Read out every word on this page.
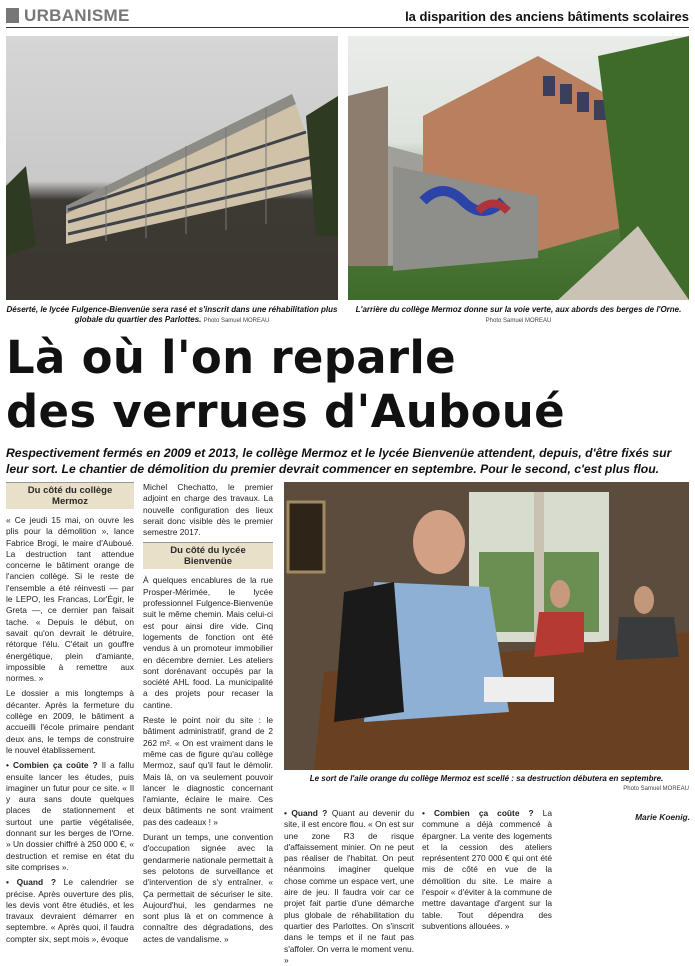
URBANISME	la disparition des anciens bâtiments scolaires
Déserté, le lycée Fulgence-Bienvenüe sera rasé et s'inscrit dans une réhabilitation plus globale du quartier des Parlottes. Photo Samuel MOREAU
L'arrière du collège Mermoz donne sur la voie verte, aux abords des berges de l'Orne. Photo Samuel MOREAU
Là où l'on reparle
des verrues d'Auboué
Respectivement fermés en 2009 et 2013, le collège Mermoz et le lycée Bienvenüe attendent, depuis, d'être fixés sur leur sort. Le chantier de démolition du premier devrait commencer en septembre. Pour le second, c'est plus flou.
Du côté du collège Mermoz

« Ce jeudi 15 mai, on ouvre les plis pour la démolition », lance Fabrice Brogi, le maire d'Auboué. La destruction tant attendue concerne le bâtiment orange de l'ancien collège. Si le reste de l'ensemble a été réinvesti — par le LEPO, les Francas, Lor'Égir, le Greta —, ce dernier pan faisait tache. « Depuis le début, on savait qu'on devrait le détruire, rétorque l'élu. C'était un gouffre énergétique, plein d'amiante, impossible à remettre aux normes. »

Le dossier a mis longtemps à décanter. Après la fermeture du collège en 2009, le bâtiment a accueilli l'école primaire pendant deux ans, le temps de construire le nouvel établissement.

• Combien ça coûte ? Il a fallu ensuite lancer les études, puis imaginer un futur pour ce site. « Il y aura sans doute quelques places de stationnement et surtout une partie végétalisée, donnant sur les berges de l'Orne. » Un dossier chiffré à 250 000 €, « destruction et remise en état du site comprises ».

• Quand ? Le calendrier se précise. Après ouverture des plis, les devis vont être étudiés, et les travaux devraient démarrer en septembre. « Après quoi, il faudra compter six, sept mois », évoque

Michel Chechatto, le premier adjoint en charge des travaux. La nouvelle configuration des lieux serait donc visible dès le premier semestre 2017.

Du côté du lycée Bienvenüe

À quelques encablures de la rue Prosper-Mérimée, le lycée professionnel Fulgence-Bienvenüe suit le même chemin. Mais celui-ci est pour ainsi dire vide. Cinq logements de fonction ont été vendus à un promoteur immobilier en décembre dernier. Les ateliers sont dorénavant occupés par la société AHL food. La municipalité a des projets pour recaser la cantine.

Reste le point noir du site : le bâtiment administratif, grand de 2 262 m². « On est vraiment dans le même cas de figure qu'au collège Mermoz, sauf qu'il faut le démolir. Mais là, on va seulement pouvoir lancer le diagnostic concernant l'amiante, éclaire le maire. Ces deux bâtiments ne sont vraiment pas des cadeaux ! »

Durant un temps, une convention d'occupation signée avec la gendarmerie nationale permettait à ses pelotons de surveillance et d'intervention de s'y entraîner. « Ça permettait de sécuriser le site. Aujourd'hui, les gendarmes ne sont plus là et on commence à connaître des dégradations, des actes de vandalisme. »

Le sort de l'aile orange du collège Mermoz est scellé : sa destruction débutera en septembre.
Photo Samuel MOREAU

• Quand ? Quant au devenir du site, il est encore flou. « On est sur une zone R3 de risque d'affaissement minier. On ne peut pas réaliser de l'habitat. On peut néanmoins imaginer quelque chose comme un espace vert, une aire de jeu. Il faudra voir car ce projet fait partie d'une démarche plus globale de réhabilitation du quartier des Parlottes. On s'inscrit dans le temps et il ne faut pas s'affoler. On verra le moment venu. »

• Combien ça coûte ? La commune a déjà commencé à épargner. La vente des logements et la cession des ateliers représentent 270 000 € qui ont été mis de côté en vue de la démolition du site. Le maire a l'espoir « d'éviter à la commune de mettre davantage d'argent sur la table. Tout dépendra des subventions allouées. »

Marie Koenig.
